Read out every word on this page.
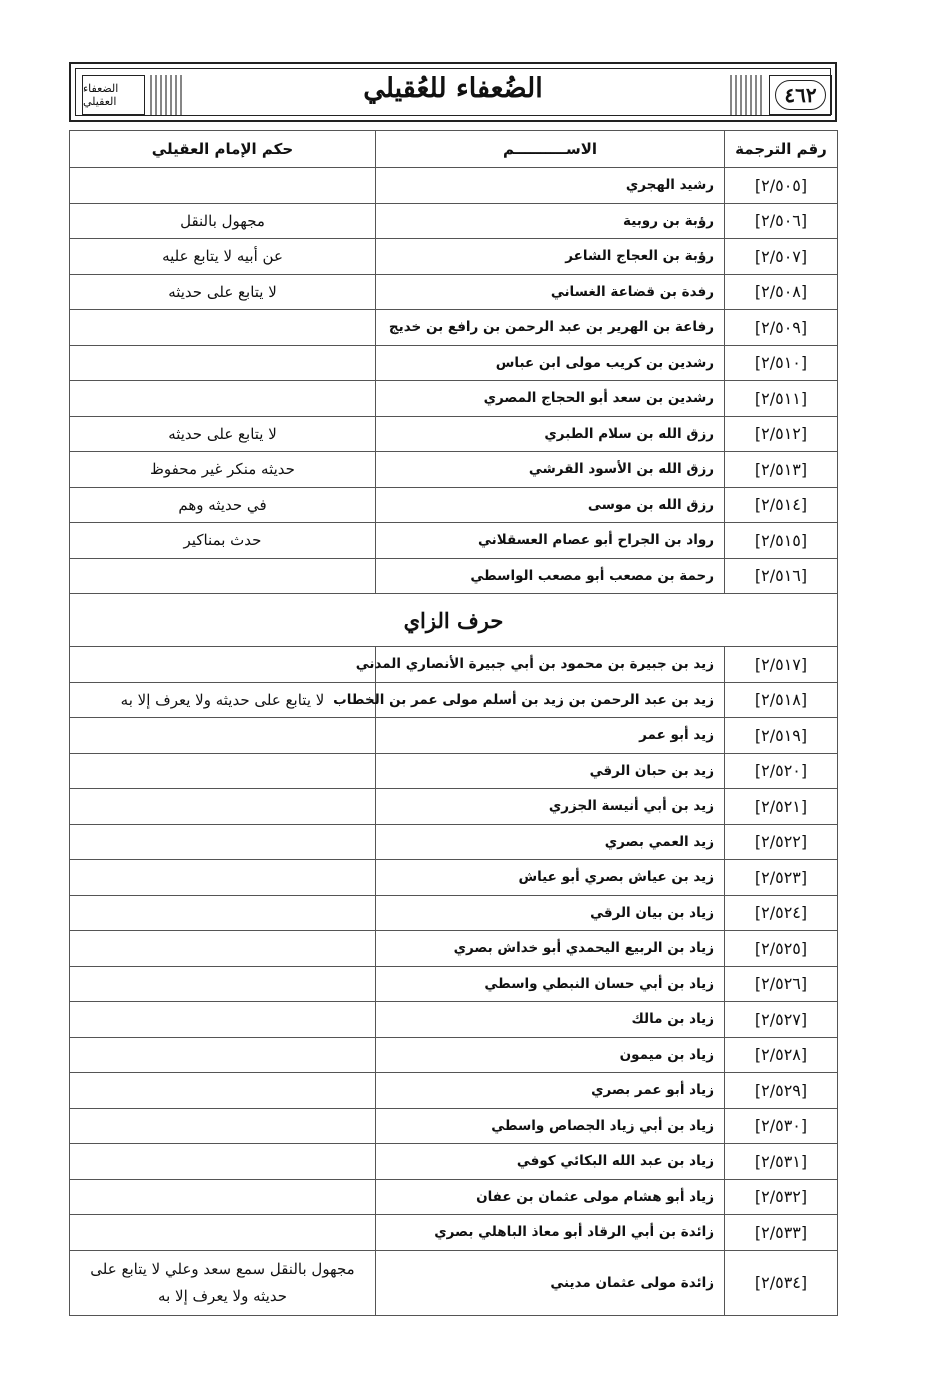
٤٦٢
الضُعفاء للعُقيلي
الضعفاء العقيلي
رقم الترجمة	الاســــــــــم	حكم الإمام العقيلي
[٢/٥٠٥]	رشيد الهجري	
[٢/٥٠٦]	رؤبة بن روبية	مجهول بالنقل
[٢/٥٠٧]	رؤبة بن العجاج الشاعر	عن أبيه لا يتابع عليه
[٢/٥٠٨]	رفدة بن قضاعة الغساني	لا يتابع على حديثه
[٢/٥٠٩]	رفاعة بن الهرير بن عبد الرحمن بن رافع بن خديج	
[٢/٥١٠]	رشدين بن كريب مولى ابن عباس	
[٢/٥١١]	رشدين بن سعد أبو الحجاج المصري	
[٢/٥١٢]	رزق الله بن سلام الطبري	لا يتابع على حديثه
[٢/٥١٣]	رزق الله بن الأسود القرشي	حديثه منكر غير محفوظ
[٢/٥١٤]	رزق الله بن موسى	في حديثه وهم
[٢/٥١٥]	رواد بن الجراح أبو عصام العسقلاني	حدث بمناكير
[٢/٥١٦]	رحمة بن مصعب أبو مصعب الواسطي	
حرف الزاي		
[٢/٥١٧]	زيد بن جبيرة بن محمود بن أبي جبيرة الأنصاري المدني	
[٢/٥١٨]	زيد بن عبد الرحمن بن زيد بن أسلم مولى عمر بن الخطاب	لا يتابع على حديثه ولا يعرف إلا به
[٢/٥١٩]	زيد أبو عمر	
[٢/٥٢٠]	زيد بن حبان الرقي	
[٢/٥٢١]	زيد بن أبي أنيسة الجزري	
[٢/٥٢٢]	زيد العمي بصري	
[٢/٥٢٣]	زيد بن عياش بصري أبو عياش	
[٢/٥٢٤]	زياد بن بيان الرقي	
[٢/٥٢٥]	زياد بن الربيع اليحمدي أبو خداش بصري	
[٢/٥٢٦]	زياد بن أبي حسان النبطي واسطي	
[٢/٥٢٧]	زياد بن مالك	
[٢/٥٢٨]	زياد بن ميمون	
[٢/٥٢٩]	زياد أبو عمر بصري	
[٢/٥٣٠]	زياد بن أبي زياد الجصاص واسطي	
[٢/٥٣١]	زياد بن عبد الله البكائي كوفي	
[٢/٥٣٢]	زياد أبو هشام مولى عثمان بن عفان	
[٢/٥٣٣]	زائدة بن أبي الرقاد أبو معاذ الباهلي بصري	
[٢/٥٣٤]	زائدة مولى عثمان مديني	مجهول بالنقل سمع سعد وعلي لا يتابع على حديثه ولا يعرف إلا به
